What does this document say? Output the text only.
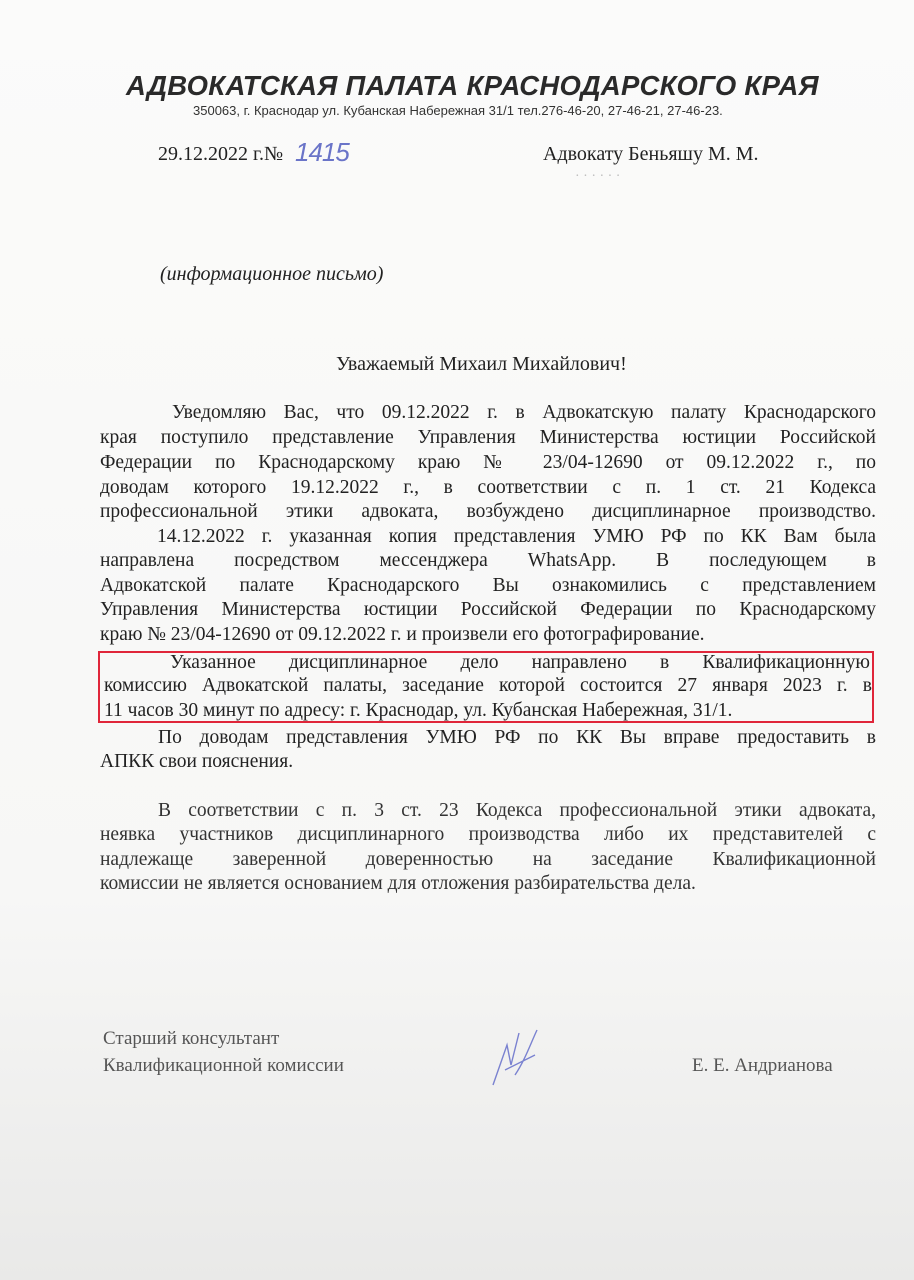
АДВОКАТСКАЯ ПАЛАТА КРАСНОДАРСКОГО КРАЯ
350063, г. Краснодар ул. Кубанская Набережная 31/1 тел.276-46-20, 27-46-21, 27-46-23.
29.12.2022 г. № 1415	Адвокату Беньяшу М. М.
· · · · · ·
(информационное письмо)
Уважаемый Михаил Михайлович!
Уведомляю Вас, что 09.12.2022 г. в Адвокатскую палату Краснодарского
края поступило представление Управления Министерства юстиции Российской
Федерации по Краснодарскому краю № 23/04-12690 от 09.12.2022 г., по
доводам которого 19.12.2022 г., в соответствии с п. 1 ст. 21 Кодекса
профессиональной этики адвоката, возбуждено дисциплинарное производство.
14.12.2022 г. указанная копия представления УМЮ РФ по КК Вам была
направлена посредством мессенджера WhatsApp. В последующем в
Адвокатской палате Краснодарского Вы ознакомились с представлением
Управления Министерства юстиции Российской Федерации по Краснодарскому
краю № 23/04-12690 от 09.12.2022 г. и произвели его фотографирование.
Указанное дисциплинарное дело направлено в Квалификационную
комиссию Адвокатской палаты, заседание которой состоится 27 января 2023 г. в
11 часов 30 минут по адресу: г. Краснодар, ул. Кубанская Набережная, 31/1.
По доводам представления УМЮ РФ по КК Вы вправе предоставить в
АПКК свои пояснения.
В соответствии с п. 3 ст. 23 Кодекса профессиональной этики адвоката,
неявка участников дисциплинарного производства либо их представителей с
надлежаще заверенной доверенностью на заседание Квалификационной
комиссии не является основанием для отложения разбирательства дела.
Старший консультант
Квалификационной комиссии	Е. Е. Андрианова
